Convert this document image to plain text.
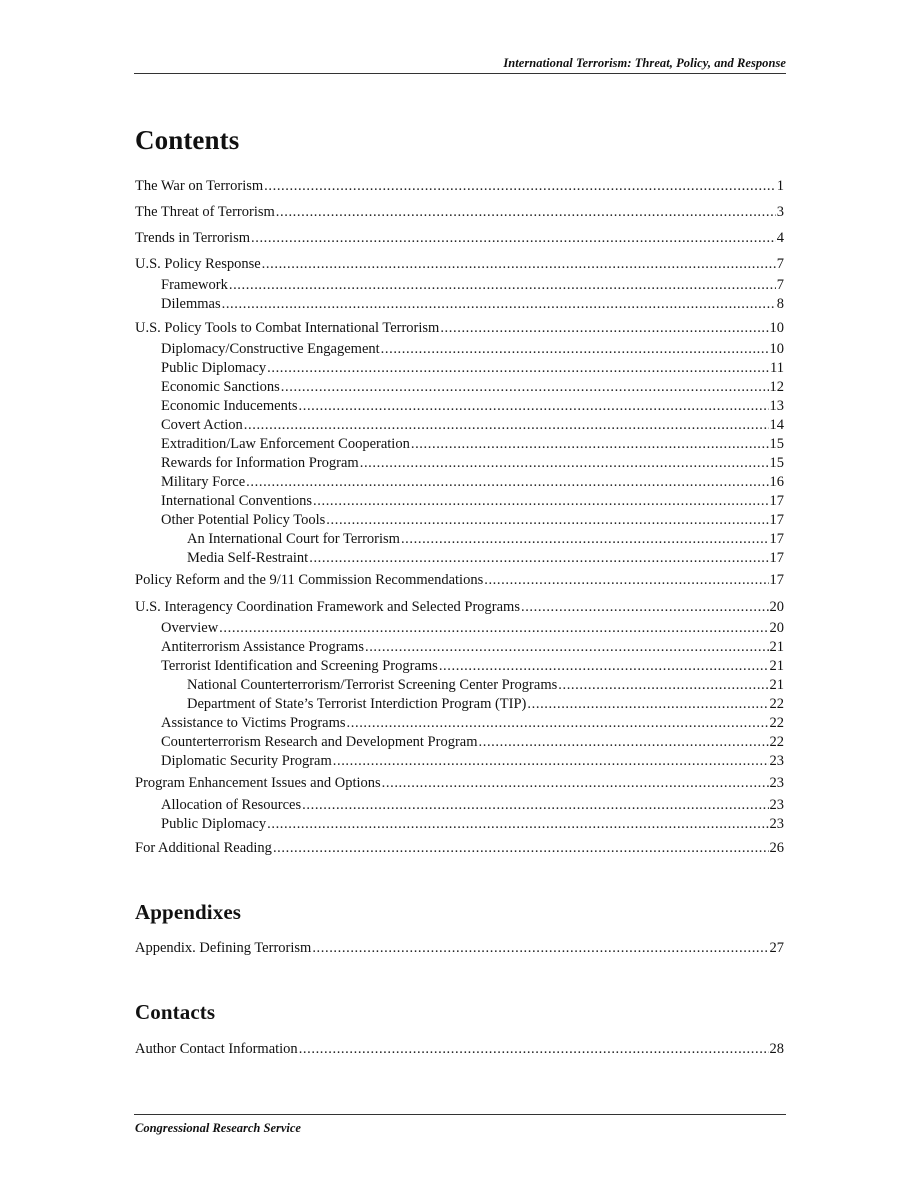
International Terrorism: Threat, Policy, and Response
Contents
The War on Terrorism .....	1
The Threat of Terrorism .....	3
Trends in Terrorism .....	4
U.S. Policy Response .....	7
Framework .....	7
Dilemmas .....	8
U.S. Policy Tools to Combat International Terrorism .....	10
Diplomacy/Constructive Engagement .....	10
Public Diplomacy .....	11
Economic Sanctions .....	12
Economic Inducements .....	13
Covert Action .....	14
Extradition/Law Enforcement Cooperation .....	15
Rewards for Information Program .....	15
Military Force .....	16
International Conventions .....	17
Other Potential Policy Tools .....	17
An International Court for Terrorism .....	17
Media Self-Restraint .....	17
Policy Reform and the 9/11 Commission Recommendations .....	17
U.S. Interagency Coordination Framework and Selected Programs .....	20
Overview .....	20
Antiterrorism Assistance Programs .....	21
Terrorist Identification and Screening Programs .....	21
National Counterterrorism/Terrorist Screening Center Programs .....	21
Department of State’s Terrorist Interdiction Program (TIP) .....	22
Assistance to Victims Programs .....	22
Counterterrorism Research and Development Program .....	22
Diplomatic Security Program .....	23
Program Enhancement Issues and Options .....	23
Allocation of Resources .....	23
Public Diplomacy .....	23
For Additional Reading .....	26
Appendixes
Appendix. Defining Terrorism .....	27
Contacts
Author Contact Information .....	28
Congressional Research Service
